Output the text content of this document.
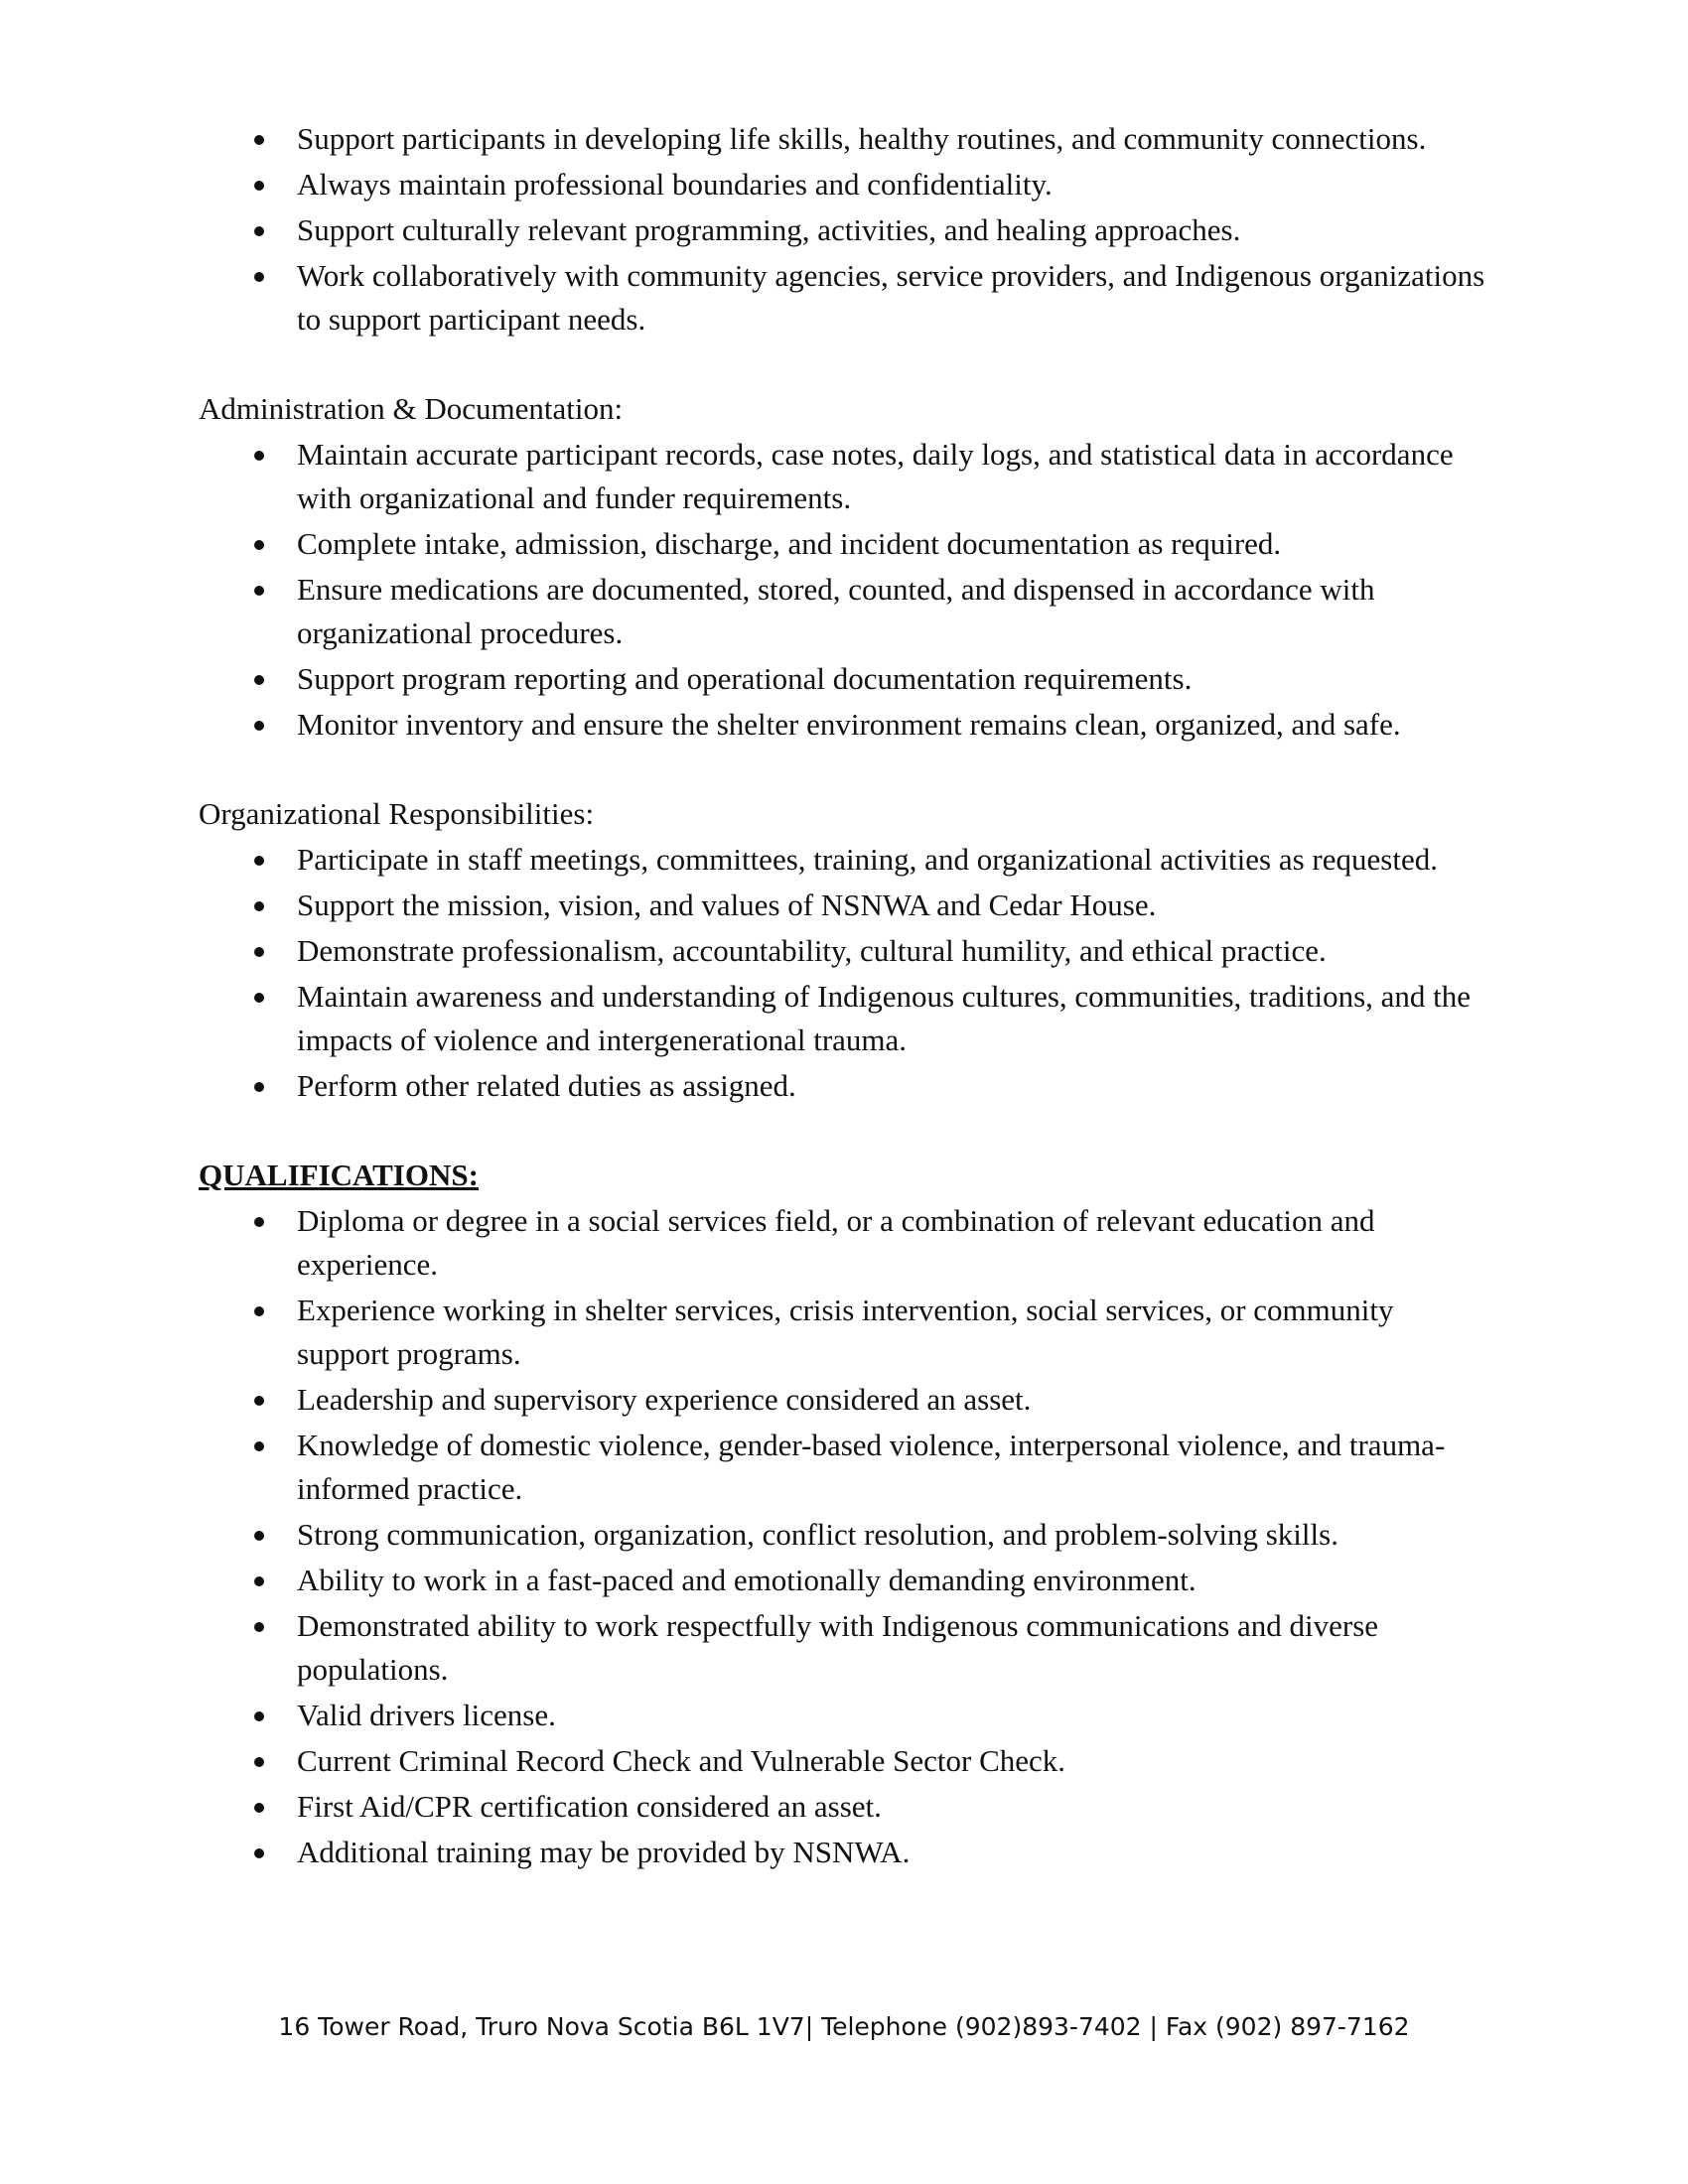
Support participants in developing life skills, healthy routines, and community connections.
Always maintain professional boundaries and confidentiality.
Support culturally relevant programming, activities, and healing approaches.
Work collaboratively with community agencies, service providers, and Indigenous organizations to support participant needs.
Administration & Documentation:
Maintain accurate participant records, case notes, daily logs, and statistical data in accordance with organizational and funder requirements.
Complete intake, admission, discharge, and incident documentation as required.
Ensure medications are documented, stored, counted, and dispensed in accordance with organizational procedures.
Support program reporting and operational documentation requirements.
Monitor inventory and ensure the shelter environment remains clean, organized, and safe.
Organizational Responsibilities:
Participate in staff meetings, committees, training, and organizational activities as requested.
Support the mission, vision, and values of NSNWA and Cedar House.
Demonstrate professionalism, accountability, cultural humility, and ethical practice.
Maintain awareness and understanding of Indigenous cultures, communities, traditions, and the impacts of violence and intergenerational trauma.
Perform other related duties as assigned.
QUALIFICATIONS:
Diploma or degree in a social services field, or a combination of relevant education and experience.
Experience working in shelter services, crisis intervention, social services, or community support programs.
Leadership and supervisory experience considered an asset.
Knowledge of domestic violence, gender-based violence, interpersonal violence, and trauma-informed practice.
Strong communication, organization, conflict resolution, and problem-solving skills.
Ability to work in a fast-paced and emotionally demanding environment.
Demonstrated ability to work respectfully with Indigenous communications and diverse populations.
Valid drivers license.
Current Criminal Record Check and Vulnerable Sector Check.
First Aid/CPR certification considered an asset.
Additional training may be provided by NSNWA.
16 Tower Road, Truro Nova Scotia B6L 1V7| Telephone (902)893-7402 | Fax (902) 897-7162
